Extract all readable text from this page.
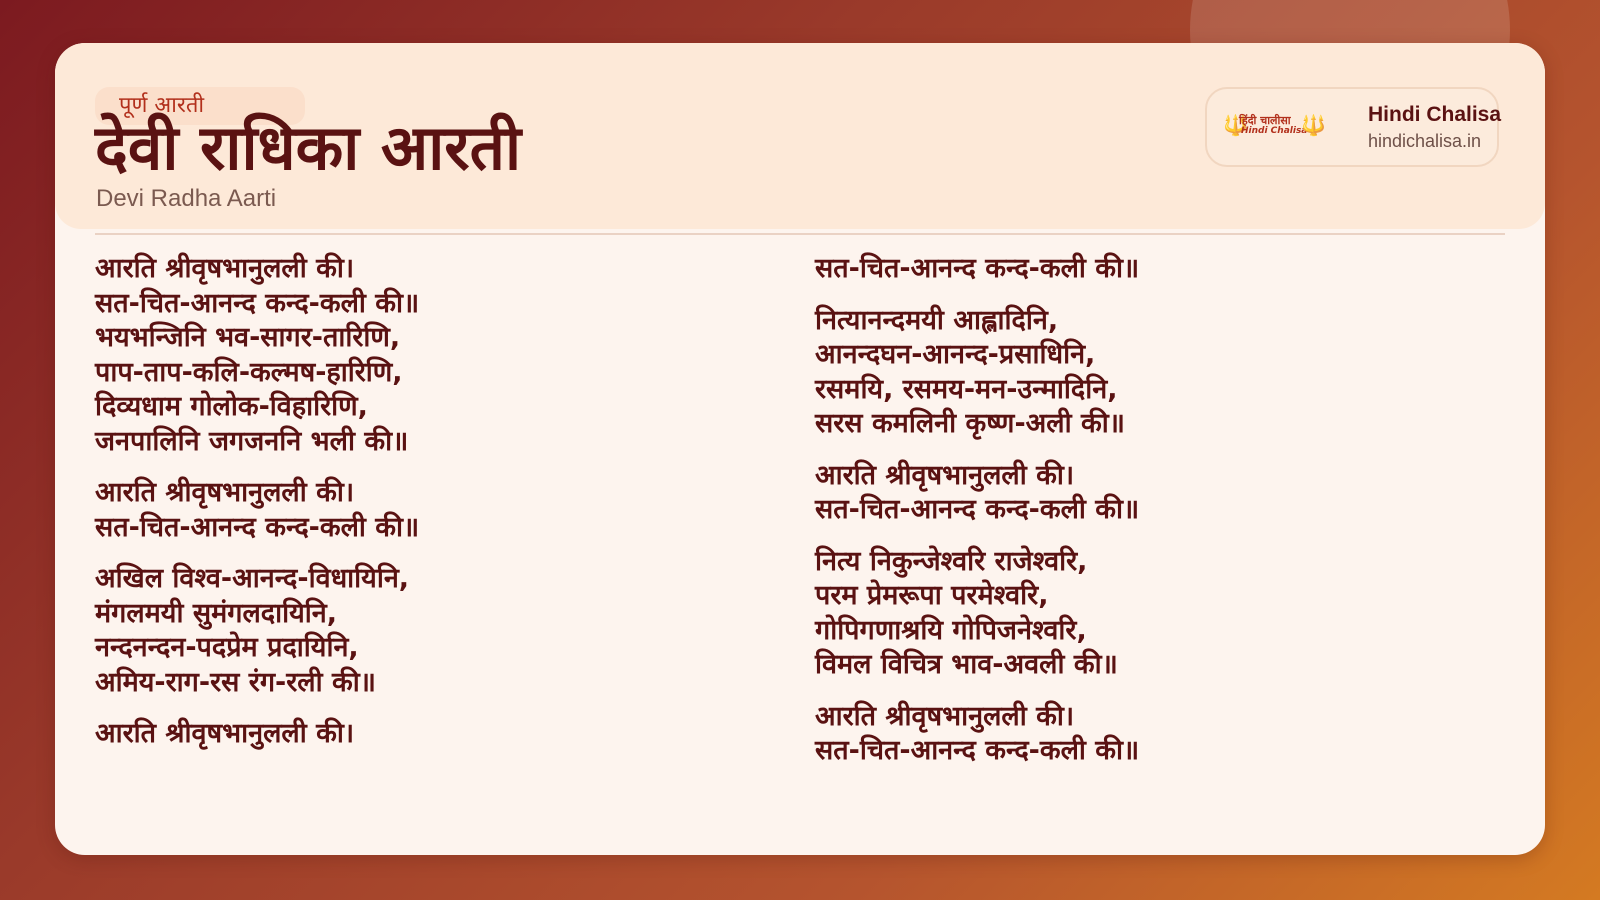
पूर्ण आरती
देवी राधिका आरती
Devi Radha Aarti
🔱
हिंदी चालीसा
Hindi Chalisa
🔱 Hindi Chalisa
hindichalisa.in
आरति श्रीवृषभानुलली की।
सत-चित-आनन्द कन्द-कली की॥
भयभन्जिनि भव-सागर-तारिणि,
पाप-ताप-कलि-कल्मष-हारिणि,
दिव्यधाम गोलोक-विहारिणि,
जनपालिनि जगजननि भली की॥
आरति श्रीवृषभानुलली की।
सत-चित-आनन्द कन्द-कली की॥
अखिल विश्व-आनन्द-विधायिनि,
मंगलमयी सुमंगलदायिनि,
नन्दनन्दन-पदप्रेम प्रदायिनि,
अमिय-राग-रस रंग-रली की॥
आरति श्रीवृषभानुलली की।
सत-चित-आनन्द कन्द-कली की॥
नित्यानन्दमयी आह्लादिनि,
आनन्दघन-आनन्द-प्रसाधिनि,
रसमयि, रसमय-मन-उन्मादिनि,
सरस कमलिनी कृष्ण-अली की॥
आरति श्रीवृषभानुलली की।
सत-चित-आनन्द कन्द-कली की॥
नित्य निकुन्जेश्वरि राजेश्वरि,
परम प्रेमरूपा परमेश्वरि,
गोपिगणाश्रयि गोपिजनेश्वरि,
विमल विचित्र भाव-अवली की॥
आरति श्रीवृषभानुलली की।
सत-चित-आनन्द कन्द-कली की॥
